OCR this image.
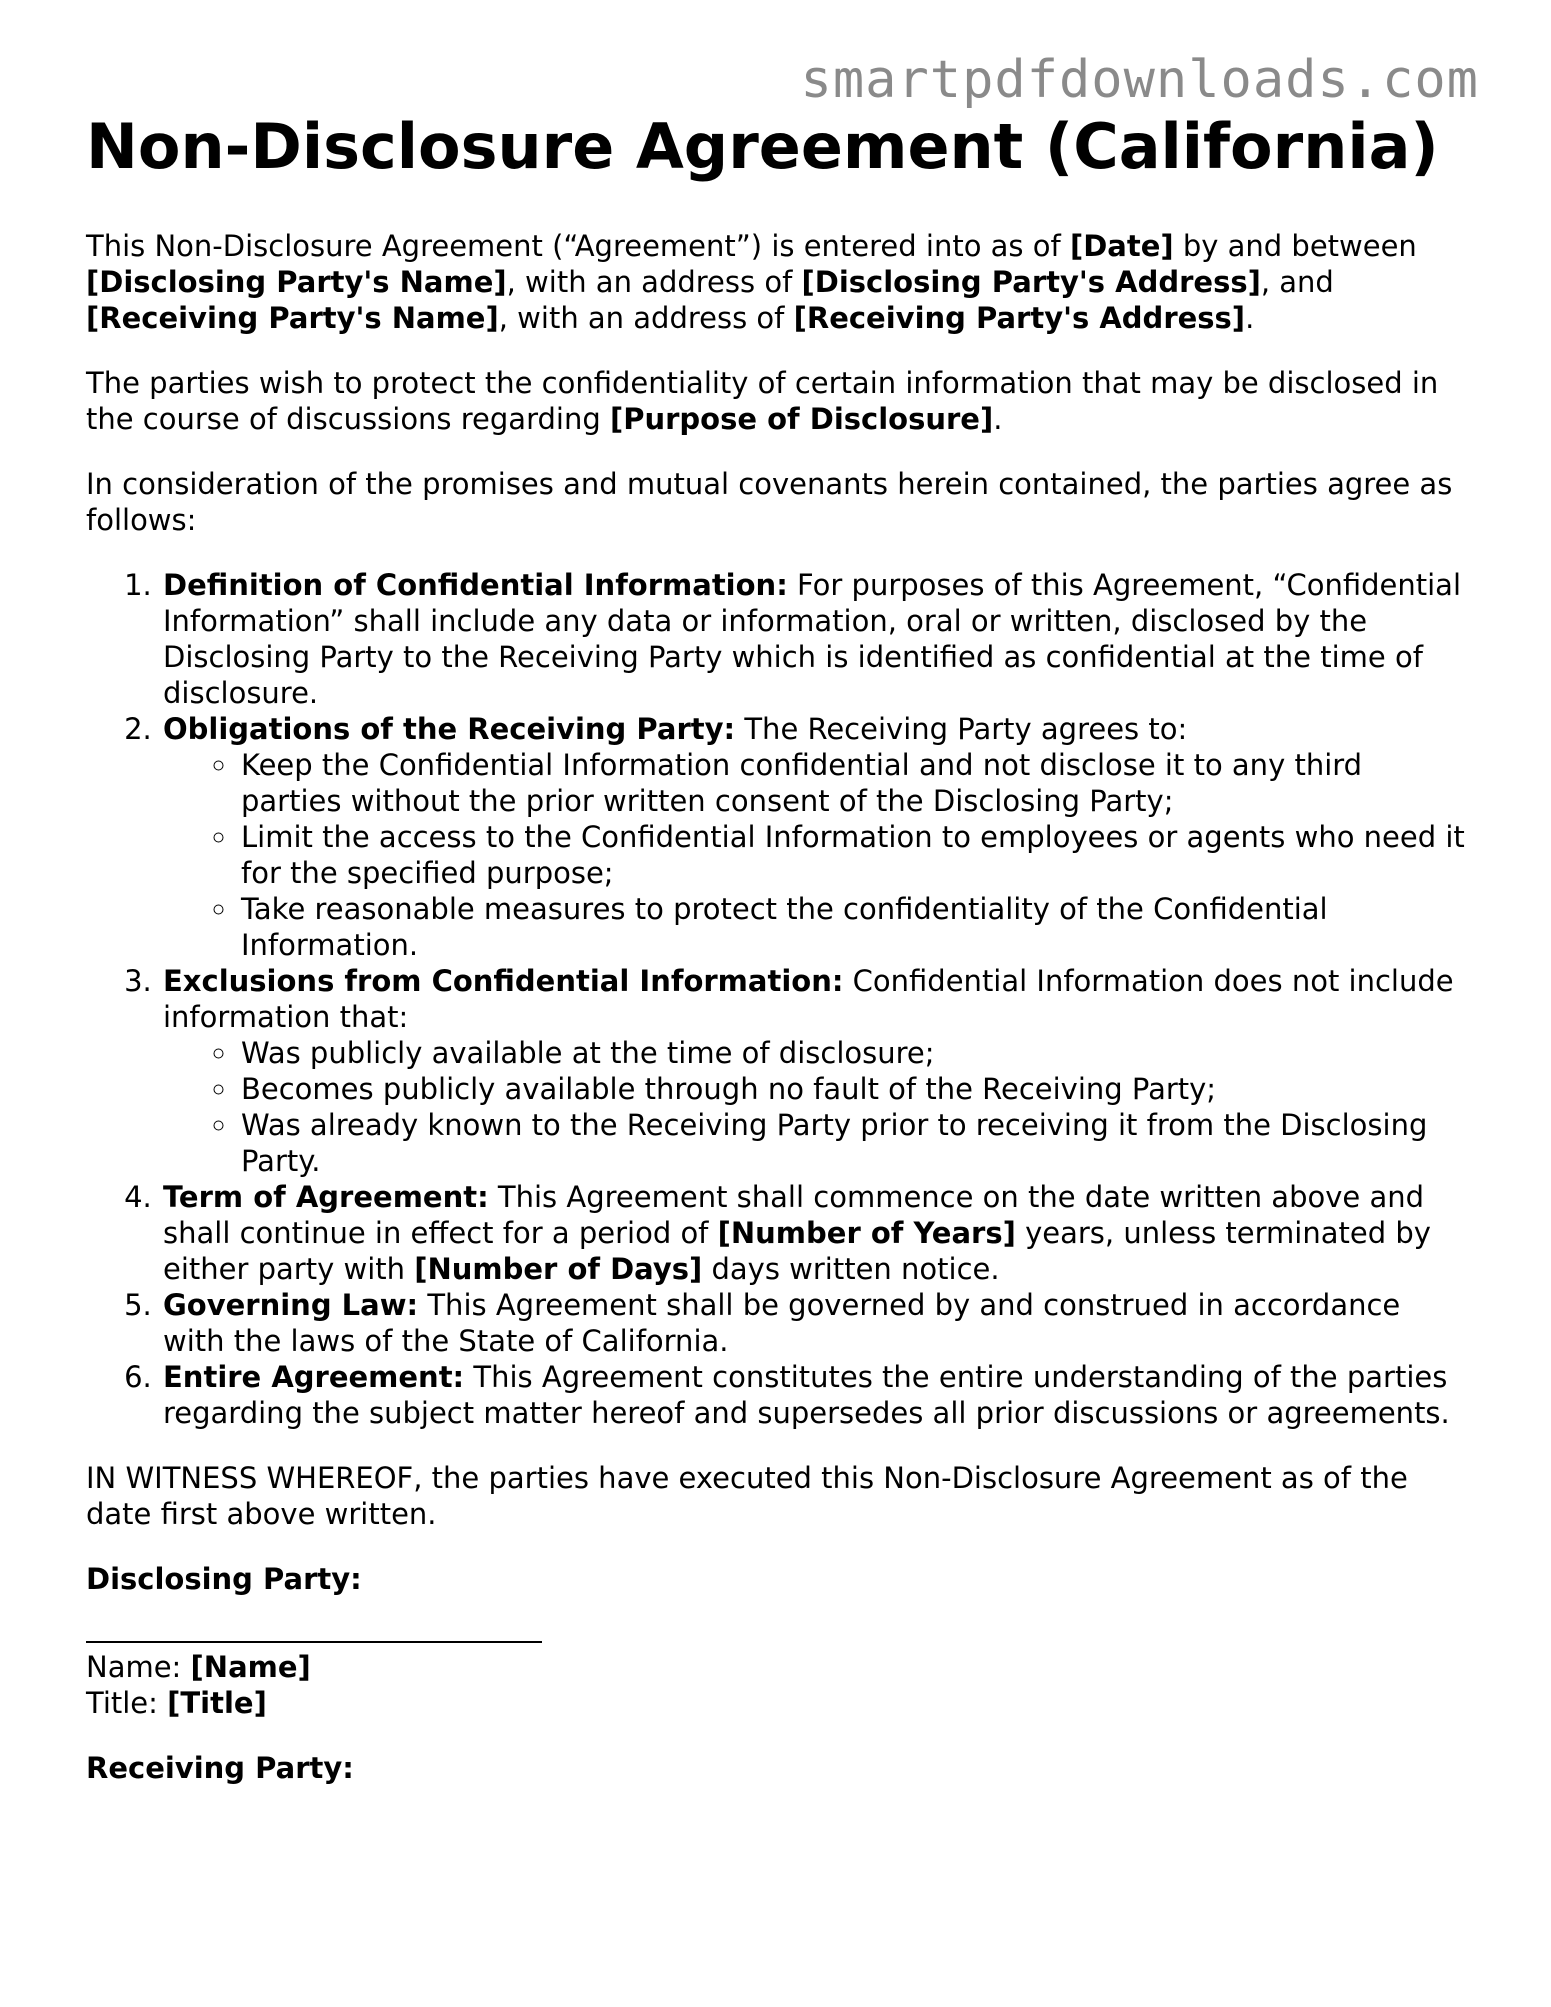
smartpdfdownloads.com
Non-Disclosure Agreement (California)

This Non-Disclosure Agreement (“Agreement”) is entered into as of [Date] by and between [Disclosing Party's Name], with an address of [Disclosing Party's Address], and [Receiving Party's Name], with an address of [Receiving Party's Address].

The parties wish to protect the confidentiality of certain information that may be disclosed in the course of discussions regarding [Purpose of Disclosure].

In consideration of the promises and mutual covenants herein contained, the parties agree as follows:

1. Definition of Confidential Information: For purposes of this Agreement, “Confidential Information” shall include any data or information, oral or written, disclosed by the Disclosing Party to the Receiving Party which is identified as confidential at the time of disclosure.
2. Obligations of the Receiving Party: The Receiving Party agrees to:
◦ Keep the Confidential Information confidential and not disclose it to any third parties without the prior written consent of the Disclosing Party;
◦ Limit the access to the Confidential Information to employees or agents who need it for the specified purpose;
◦ Take reasonable measures to protect the confidentiality of the Confidential Information.
3. Exclusions from Confidential Information: Confidential Information does not include information that:
◦ Was publicly available at the time of disclosure;
◦ Becomes publicly available through no fault of the Receiving Party;
◦ Was already known to the Receiving Party prior to receiving it from the Disclosing Party.
4. Term of Agreement: This Agreement shall commence on the date written above and shall continue in effect for a period of [Number of Years] years, unless terminated by either party with [Number of Days] days written notice.
5. Governing Law: This Agreement shall be governed by and construed in accordance with the laws of the State of California.
6. Entire Agreement: This Agreement constitutes the entire understanding of the parties regarding the subject matter hereof and supersedes all prior discussions or agreements.

IN WITNESS WHEREOF, the parties have executed this Non-Disclosure Agreement as of the date first above written.

Disclosing Party:
Name: [Name]
Title: [Title]
Receiving Party:
